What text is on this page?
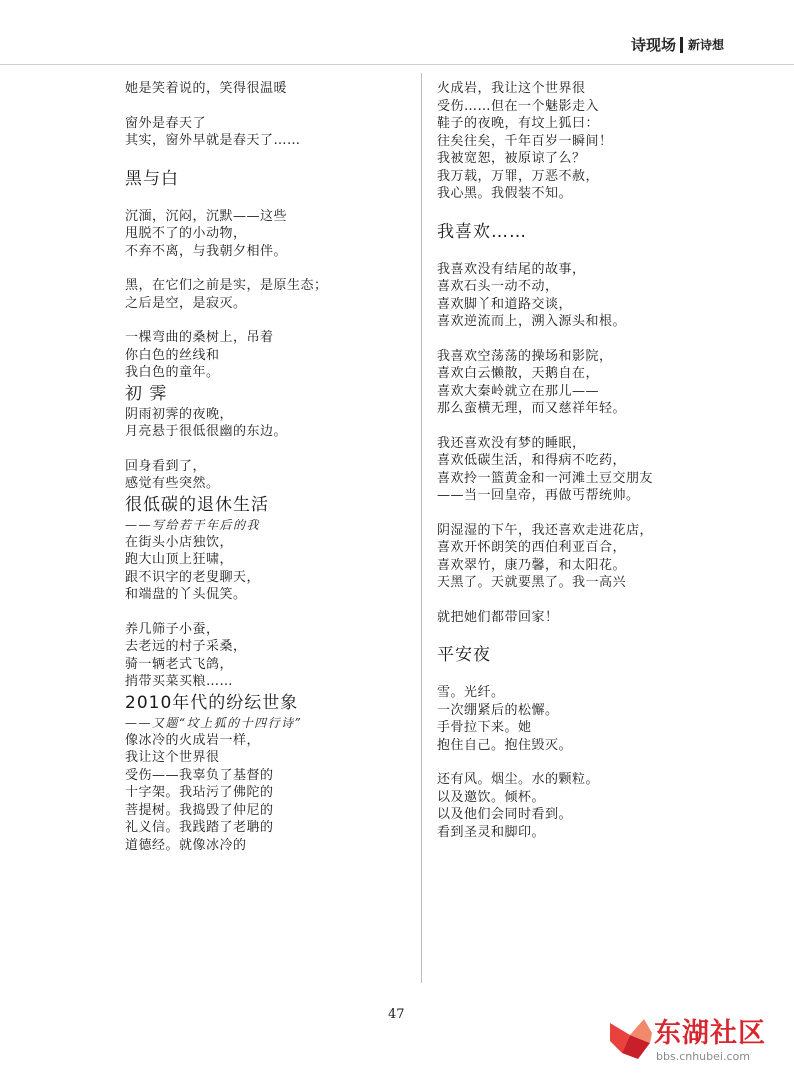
诗现场 新诗想
她是笑着说的，笑得很温暖
窗外是春天了
其实，窗外早就是春天了……
黑与白
沉湎，沉闷，沉默——这些
甩脱不了的小动物，
不弃不离，与我朝夕相伴。
黑，在它们之前是实，是原生态；
之后是空，是寂灭。
一棵弯曲的桑树上，吊着
你白色的丝线和
我白色的童年。
初 霁
阴雨初霁的夜晚，
月亮悬于很低很幽的东边。
回身看到了，
感觉有些突然。
很低碳的退休生活
——写给若干年后的我
在街头小店独饮，
跑大山顶上狂啸，
跟不识字的老叟聊天，
和端盘的丫头侃笑。
养几筛子小蚕，
去老远的村子采桑，
骑一辆老式飞鸽，
捎带买菜买粮……
2010年代的纷纭世象
——又题“坟上狐的十四行诗”
像冰冷的火成岩一样，
我让这个世界很
受伤——我辜负了基督的
十字架。我玷污了佛陀的
菩提树。我捣毁了仲尼的
礼义信。我践踏了老聃的
道德经。就像冰冷的
火成岩，我让这个世界很
受伤……但在一个魅影走入
鞋子的夜晚，有坟上狐曰：
往矣往矣，千年百岁一瞬间！
我被宽恕，被原谅了么？
我万载，万罪，万恶不赦，
我心黑。我假装不知。
我喜欢……
我喜欢没有结尾的故事，
喜欢石头一动不动，
喜欢脚丫和道路交谈，
喜欢逆流而上，溯入源头和根。
我喜欢空荡荡的操场和影院，
喜欢白云懒散，天鹅自在，
喜欢大秦岭就立在那儿——
那么蛮横无理，而又慈祥年轻。
我还喜欢没有梦的睡眠，
喜欢低碳生活，和得病不吃药，
喜欢拎一篮黄金和一河滩土豆交朋友
——当一回皇帝，再做丐帮统帅。
阴湿湿的下午，我还喜欢走进花店，
喜欢开怀朗笑的西伯利亚百合，
喜欢翠竹，康乃馨，和太阳花。
天黑了。天就要黑了。我一高兴
就把她们都带回家！
平安夜
雪。光纤。
一次绷紧后的松懈。
手骨拉下来。她
抱住自己。抱住毁灭。
还有风。烟尘。水的颗粒。
以及邀饮。倾杯。
以及他们会同时看到。
看到圣灵和脚印。
47
东湖社区
bbs.cnhubei.com
